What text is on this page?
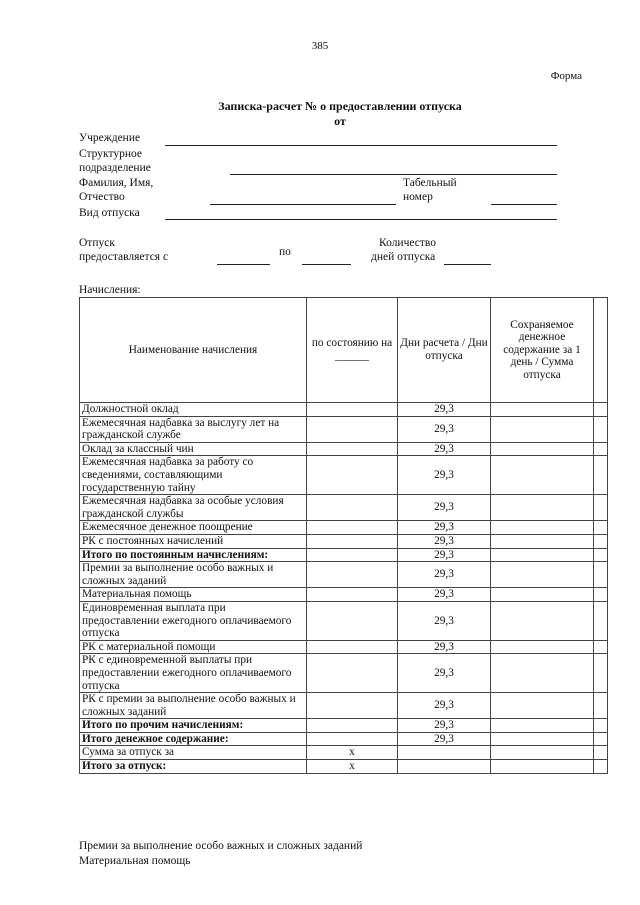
385
Форма
Записка-расчет № о предоставлении отпуска
от
Учреждение
Структурное
подразделение
Фамилия, Имя,
Отчество
Табельный
номер
Вид отпуска
Отпуск
предоставляется с	по
Количество
дней отпуска
Начисления:
Наименование начисления	по состоянию на ______	Дни расчета / Дни отпуска	Сохраняемое денежное содержание за 1 день / Сумма отпуска	
Должностной оклад		29,3		
Ежемесячная надбавка за выслугу лет на гражданской службе		29,3		
Оклад за классный чин		29,3		
Ежемесячная надбавка за работу со сведениями, составляющими государственную тайну		29,3		
Ежемесячная надбавка за особые условия гражданской службы		29,3		
Ежемесячное денежное поощрение		29,3		
РК с постоянных начислений		29,3		
Итого по постоянным начислениям:		29,3		
Премии за выполнение особо важных и сложных заданий		29,3		
Материальная помощь		29,3		
Единовременная выплата при предоставлении ежегодного оплачиваемого отпуска		29,3		
РК с материальной помощи		29,3		
РК с единовременной выплаты при предоставлении ежегодного оплачиваемого отпуска		29,3		
РК с премии за выполнение особо важных и сложных заданий		29,3		
Итого по прочим начислениям:		29,3		
Итого денежное содержание:		29,3		
Сумма за отпуск за	х			
Итого за отпуск:	х			
Премии за выполнение особо важных и сложных заданий
Материальная помощь
